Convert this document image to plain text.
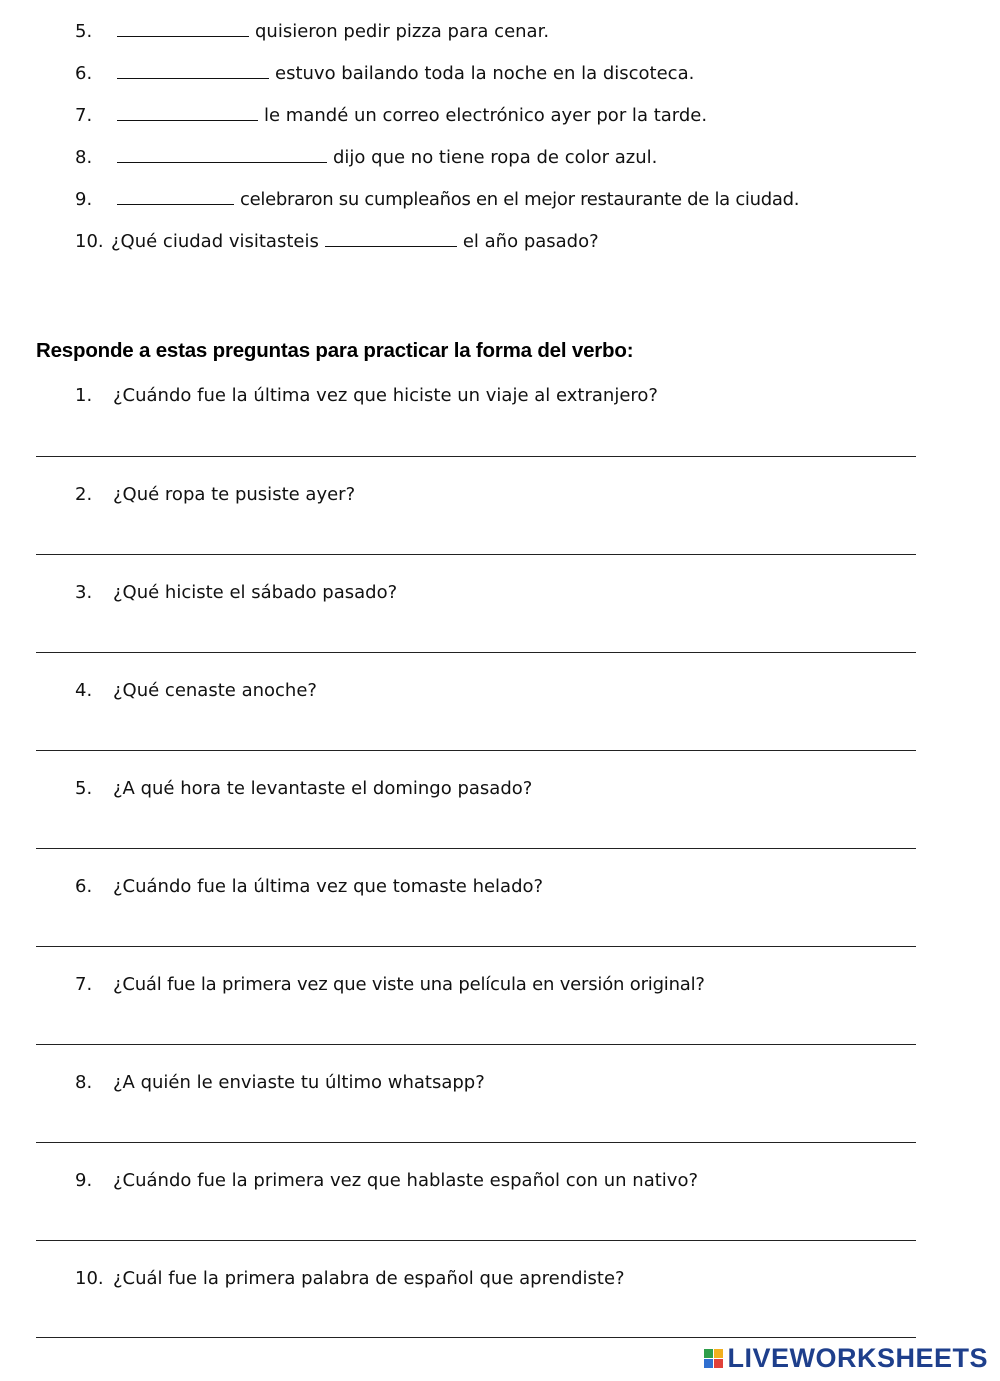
5.	quisieron pedir pizza para cenar.
6.	estuvo bailando toda la noche en la discoteca.
7.	le mandé un correo electrónico ayer por la tarde.
8.	dijo que no tiene ropa de color azul.
9.	celebraron su cumpleaños en el mejor restaurante de la ciudad.
10. ¿Qué ciudad visitasteis	el año pasado?
Responde a estas preguntas para practicar la forma del verbo:
1. ¿Cuándo fue la última vez que hiciste un viaje al extranjero?
2. ¿Qué ropa te pusiste ayer?
3. ¿Qué hiciste el sábado pasado?
4. ¿Qué cenaste anoche?
5. ¿A qué hora te levantaste el domingo pasado?
6. ¿Cuándo fue la última vez que tomaste helado?
7. ¿Cuál fue la primera vez que viste una película en versión original?
8. ¿A quién le enviaste tu último whatsapp?
9. ¿Cuándo fue la primera vez que hablaste español con un nativo?
10. ¿Cuál fue la primera palabra de español que aprendiste?
LIVEWORKSHEETS
